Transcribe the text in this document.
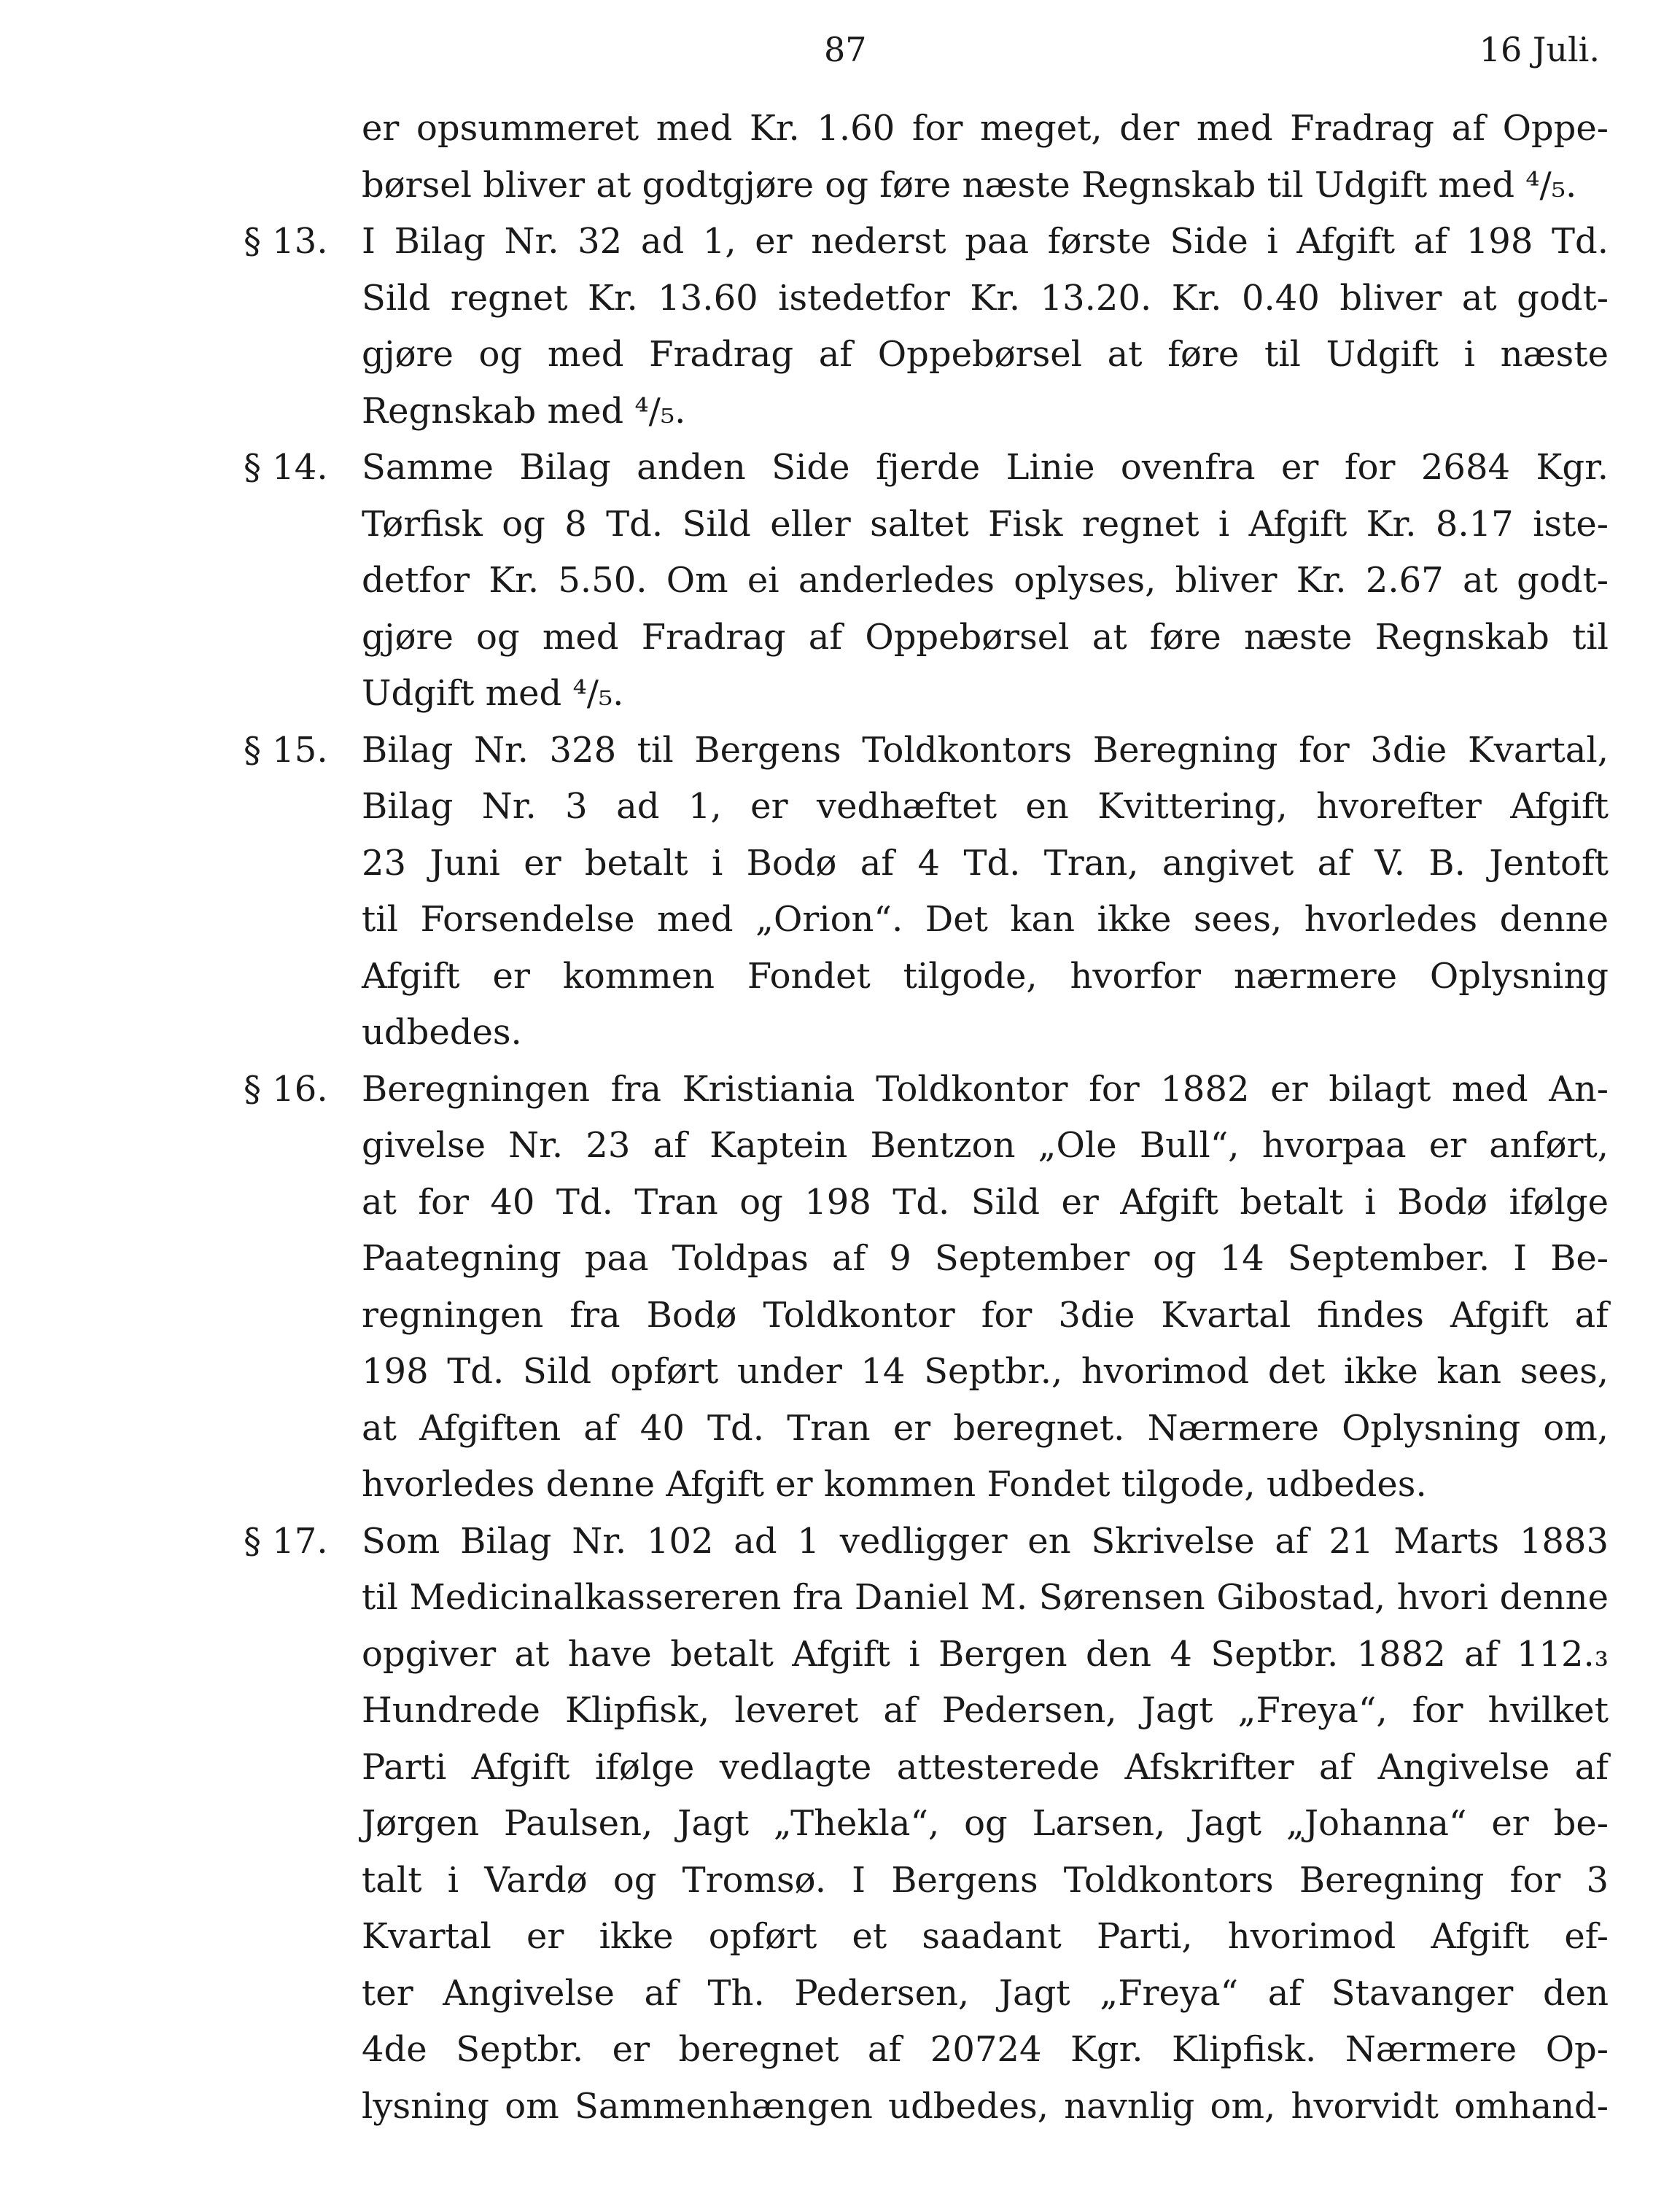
87	16 Juli.
er opsummeret med Kr. 1.60 for meget, der med Fradrag af Oppe-
børsel bliver at godtgjøre og føre næste Regnskab til Udgift med ⁴/₅.
§ 13. I Bilag Nr. 32 ad 1, er nederst paa første Side i Afgift af 198 Td.
Sild regnet Kr. 13.60 istedetfor Kr. 13.20. Kr. 0.40 bliver at godt-
gjøre og med Fradrag af Oppebørsel at føre til Udgift i næste
Regnskab med ⁴/₅.
§ 14. Samme Bilag anden Side fjerde Linie ovenfra er for 2684 Kgr.
Tørfisk og 8 Td. Sild eller saltet Fisk regnet i Afgift Kr. 8.17 iste-
detfor Kr. 5.50. Om ei anderledes oplyses, bliver Kr. 2.67 at godt-
gjøre og med Fradrag af Oppebørsel at føre næste Regnskab til
Udgift med ⁴/₅.
§ 15. Bilag Nr. 328 til Bergens Toldkontors Beregning for 3die Kvartal,
Bilag Nr. 3 ad 1, er vedhæftet en Kvittering, hvorefter Afgift
23 Juni er betalt i Bodø af 4 Td. Tran, angivet af V. B. Jentoft
til Forsendelse med „Orion“. Det kan ikke sees, hvorledes denne
Afgift er kommen Fondet tilgode, hvorfor nærmere Oplysning
udbedes.
§ 16. Beregningen fra Kristiania Toldkontor for 1882 er bilagt med An-
givelse Nr. 23 af Kaptein Bentzon „Ole Bull“, hvorpaa er anført,
at for 40 Td. Tran og 198 Td. Sild er Afgift betalt i Bodø ifølge
Paategning paa Toldpas af 9 September og 14 September. I Be-
regningen fra Bodø Toldkontor for 3die Kvartal findes Afgift af
198 Td. Sild opført under 14 Septbr., hvorimod det ikke kan sees,
at Afgiften af 40 Td. Tran er beregnet. Nærmere Oplysning om,
hvorledes denne Afgift er kommen Fondet tilgode, udbedes.
§ 17. Som Bilag Nr. 102 ad 1 vedligger en Skrivelse af 21 Marts 1883
til Medicinalkassereren fra Daniel M. Sørensen Gibostad, hvori denne
opgiver at have betalt Afgift i Bergen den 4 Septbr. 1882 af 112.₃
Hundrede Klipfisk, leveret af Pedersen, Jagt „Freya“, for hvilket
Parti Afgift ifølge vedlagte attesterede Afskrifter af Angivelse af
Jørgen Paulsen, Jagt „Thekla“, og Larsen, Jagt „Johanna“ er be-
talt i Vardø og Tromsø. I Bergens Toldkontors Beregning for 3
Kvartal er ikke opført et saadant Parti, hvorimod Afgift ef-
ter Angivelse af Th. Pedersen, Jagt „Freya“ af Stavanger den
4de Septbr. er beregnet af 20724 Kgr. Klipfisk. Nærmere Op-
lysning om Sammenhængen udbedes, navnlig om, hvorvidt omhand-
